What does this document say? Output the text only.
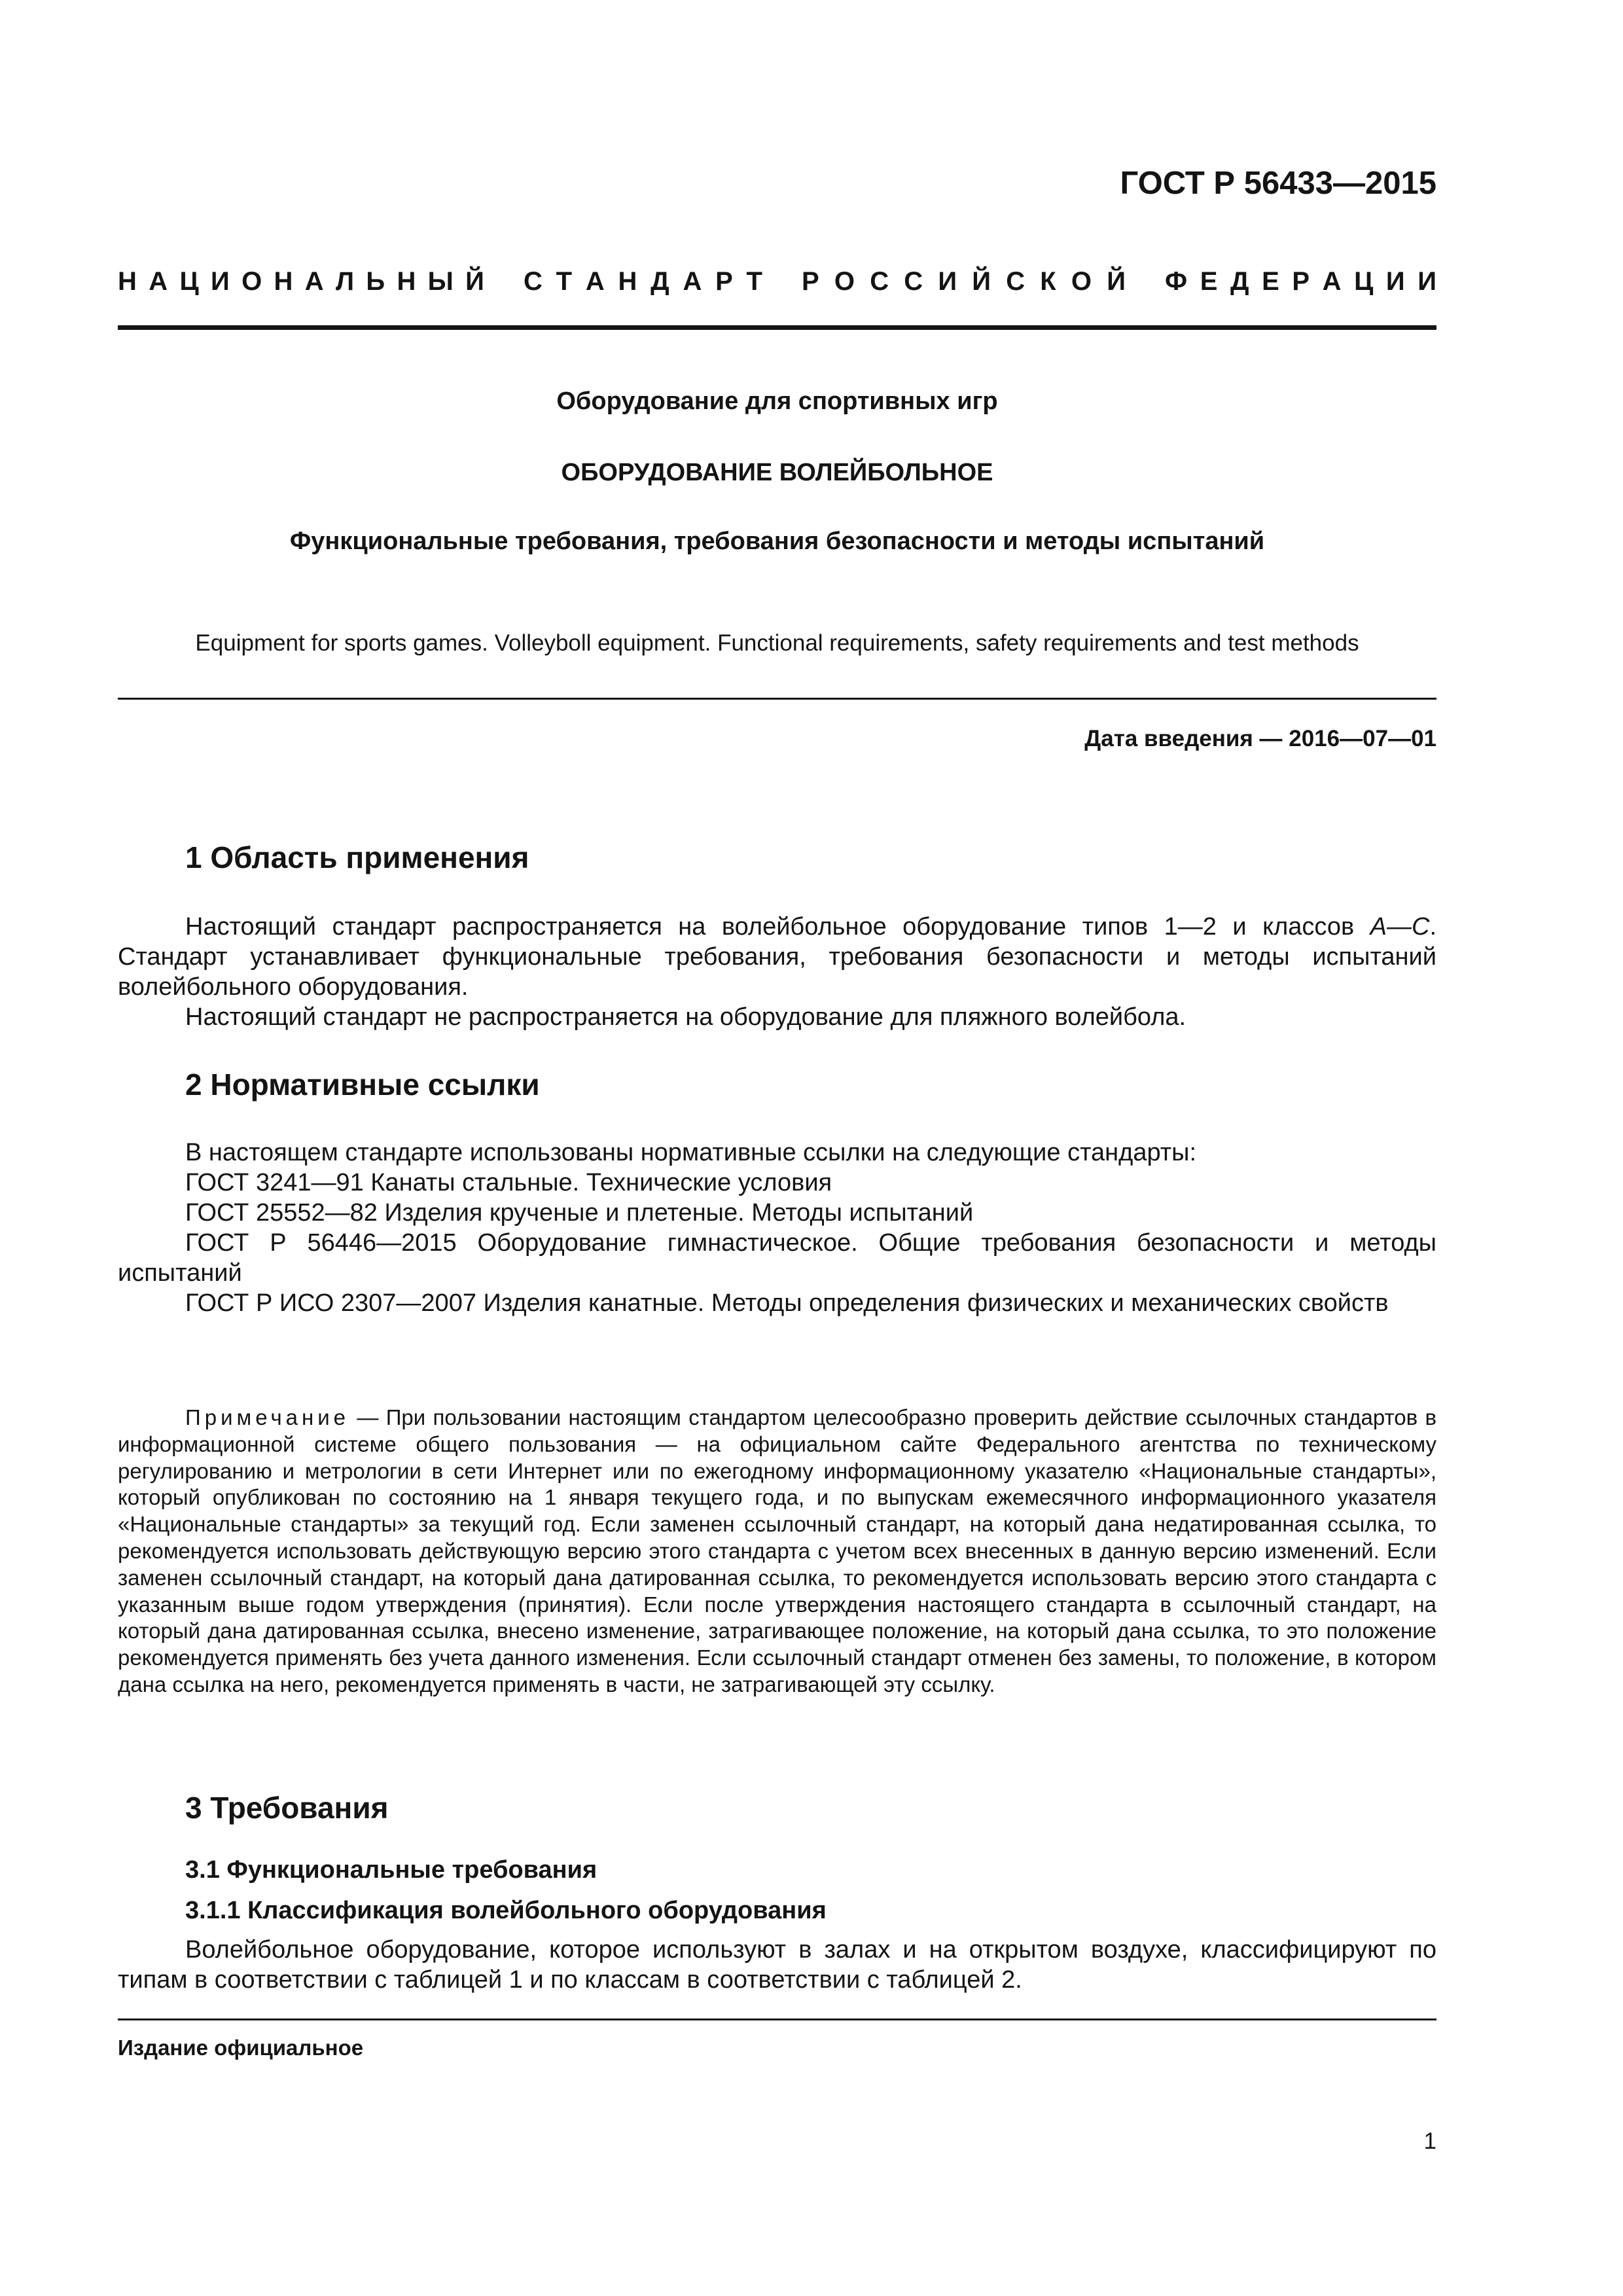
ГОСТ Р 56433—2015
Н А Ц И О Н А Л Ь Н Ы Й С Т А Н Д А Р Т Р О С С И Й С К О Й Ф Е Д Е Р А Ц И И
Оборудование для спортивных игр
ОБОРУДОВАНИЕ ВОЛЕЙБОЛЬНОЕ
Функциональные требования, требования безопасности и методы испытаний
Equipment for sports games. Volleyboll equipment. Functional requirements, safety requirements and test methods
Дата введения — 2016—07—01
1 Область применения

Настоящий стандарт распространяется на волейбольное оборудование типов 1—2 и классов А—С. Стандарт устанавливает функциональные требования, требования безопасности и методы испытаний волейбольного оборудования.

Настоящий стандарт не распространяется на оборудование для пляжного волейбола.

2 Нормативные ссылки

В настоящем стандарте использованы нормативные ссылки на следующие стандарты:

ГОСТ 3241—91 Канаты стальные. Технические условия

ГОСТ 25552—82 Изделия крученые и плетеные. Методы испытаний

ГОСТ Р 56446—2015 Оборудование гимнастическое. Общие требования безопасности и методы испытаний

ГОСТ Р ИСО 2307—2007 Изделия канатные. Методы определения физических и механических свойств

Примечание — При пользовании настоящим стандартом целесообразно проверить действие ссылочных стандартов в информационной системе общего пользования — на официальном сайте Федерального агентства по техническому регулированию и метрологии в сети Интернет или по ежегодному информационному указателю «Национальные стандарты», который опубликован по состоянию на 1 января текущего года, и по выпускам ежемесячного информационного указателя «Национальные стандарты» за текущий год. Если заменен ссылочный стандарт, на который дана недатированная ссылка, то рекомендуется использовать действующую версию этого стандарта с учетом всех внесенных в данную версию изменений. Если заменен ссылочный стандарт, на который дана датированная ссылка, то рекомендуется использовать версию этого стандарта с указанным выше годом утверждения (принятия). Если после утверждения настоящего стандарта в ссылочный стандарт, на который дана датированная ссылка, внесено изменение, затрагивающее положение, на который дана ссылка, то это положение рекомендуется применять без учета данного изменения. Если ссылочный стандарт отменен без замены, то положение, в котором дана ссылка на него, рекомендуется применять в части, не затрагивающей эту ссылку.

3 Требования
3.1 Функциональные требования
3.1.1 Классификация волейбольного оборудования

Волейбольное оборудование, которое используют в залах и на открытом воздухе, классифицируют по типам в соответствии с таблицей 1 и по классам в соответствии с таблицей 2.

Издание официальное
1
